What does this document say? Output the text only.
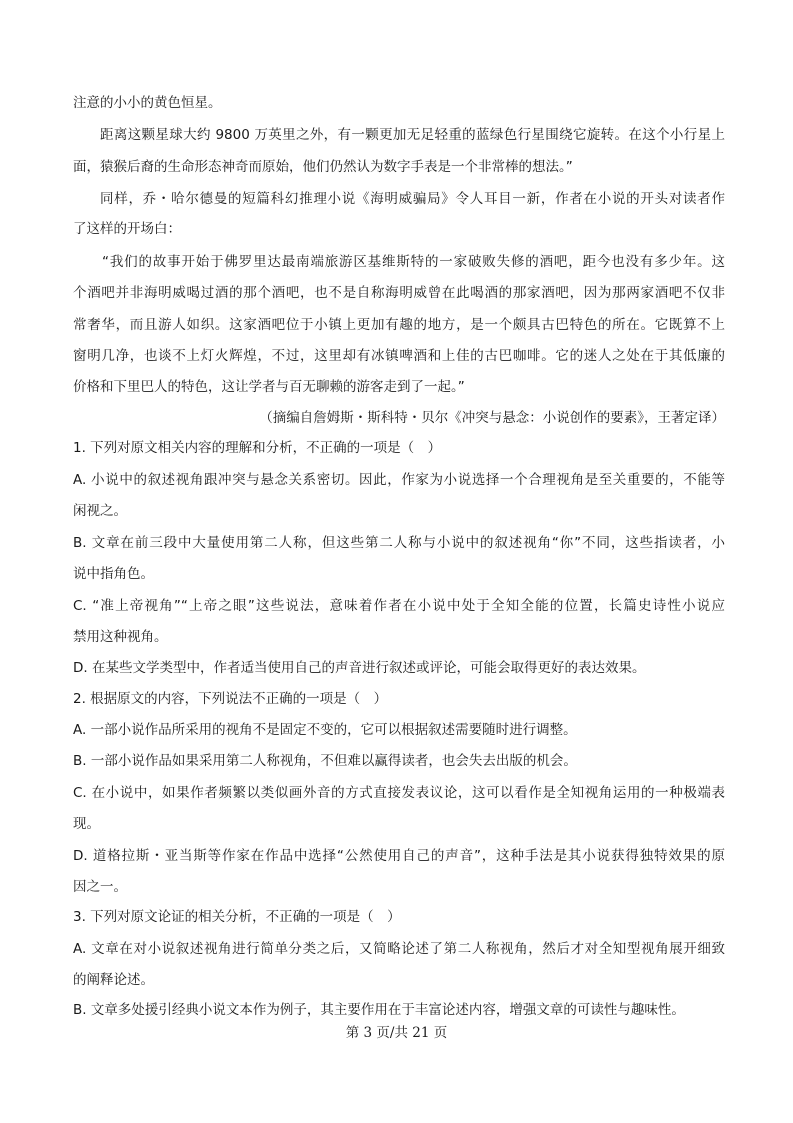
注意的小小的黄色恒星。
距离这颗星球大约 9800 万英里之外，有一颗更加无足轻重的蓝绿色行星围绕它旋转。在这个小行星上
面，猿猴后裔的生命形态神奇而原始，他们仍然认为数字手表是一个非常棒的想法。”
同样，乔・哈尔德曼的短篇科幻推理小说《海明威骗局》令人耳目一新，作者在小说的开头对读者作
了这样的开场白：
“我们的故事开始于佛罗里达最南端旅游区基维斯特的一家破败失修的酒吧，距今也没有多少年。这
个酒吧并非海明威喝过酒的那个酒吧，也不是自称海明威曾在此喝酒的那家酒吧，因为那两家酒吧不仅非
常奢华，而且游人如织。这家酒吧位于小镇上更加有趣的地方，是一个颇具古巴特色的所在。它既算不上
窗明几净，也谈不上灯火辉煌，不过，这里却有冰镇啤酒和上佳的古巴咖啡。它的迷人之处在于其低廉的
价格和下里巴人的特色，这让学者与百无聊赖的游客走到了一起。”
（摘编自詹姆斯・斯科特・贝尔《冲突与悬念：小说创作的要素》，王著定译）
1. 下列对原文相关内容的理解和分析，不正确的一项是（　）
A. 小说中的叙述视角跟冲突与悬念关系密切。因此，作家为小说选择一个合理视角是至关重要的，不能等
闲视之。
B. 文章在前三段中大量使用第二人称，但这些第二人称与小说中的叙述视角“你”不同，这些指读者，小
说中指角色。
C. “准上帝视角”“上帝之眼”这些说法，意味着作者在小说中处于全知全能的位置，长篇史诗性小说应
禁用这种视角。
D. 在某些文学类型中，作者适当使用自己的声音进行叙述或评论，可能会取得更好的表达效果。
2. 根据原文的内容，下列说法不正确的一项是（　）
A. 一部小说作品所采用的视角不是固定不变的，它可以根据叙述需要随时进行调整。
B. 一部小说作品如果采用第二人称视角，不但难以赢得读者，也会失去出版的机会。
C. 在小说中，如果作者频繁以类似画外音的方式直接发表议论，这可以看作是全知视角运用的一种极端表
现。
D. 道格拉斯・亚当斯等作家在作品中选择“公然使用自己的声音”，这种手法是其小说获得独特效果的原
因之一。
3. 下列对原文论证的相关分析，不正确的一项是（　）
A. 文章在对小说叙述视角进行简单分类之后，又简略论述了第二人称视角，然后才对全知型视角展开细致
的阐释论述。
B. 文章多处援引经典小说文本作为例子，其主要作用在于丰富论述内容，增强文章的可读性与趣味性。
第 3 页/共 21 页
